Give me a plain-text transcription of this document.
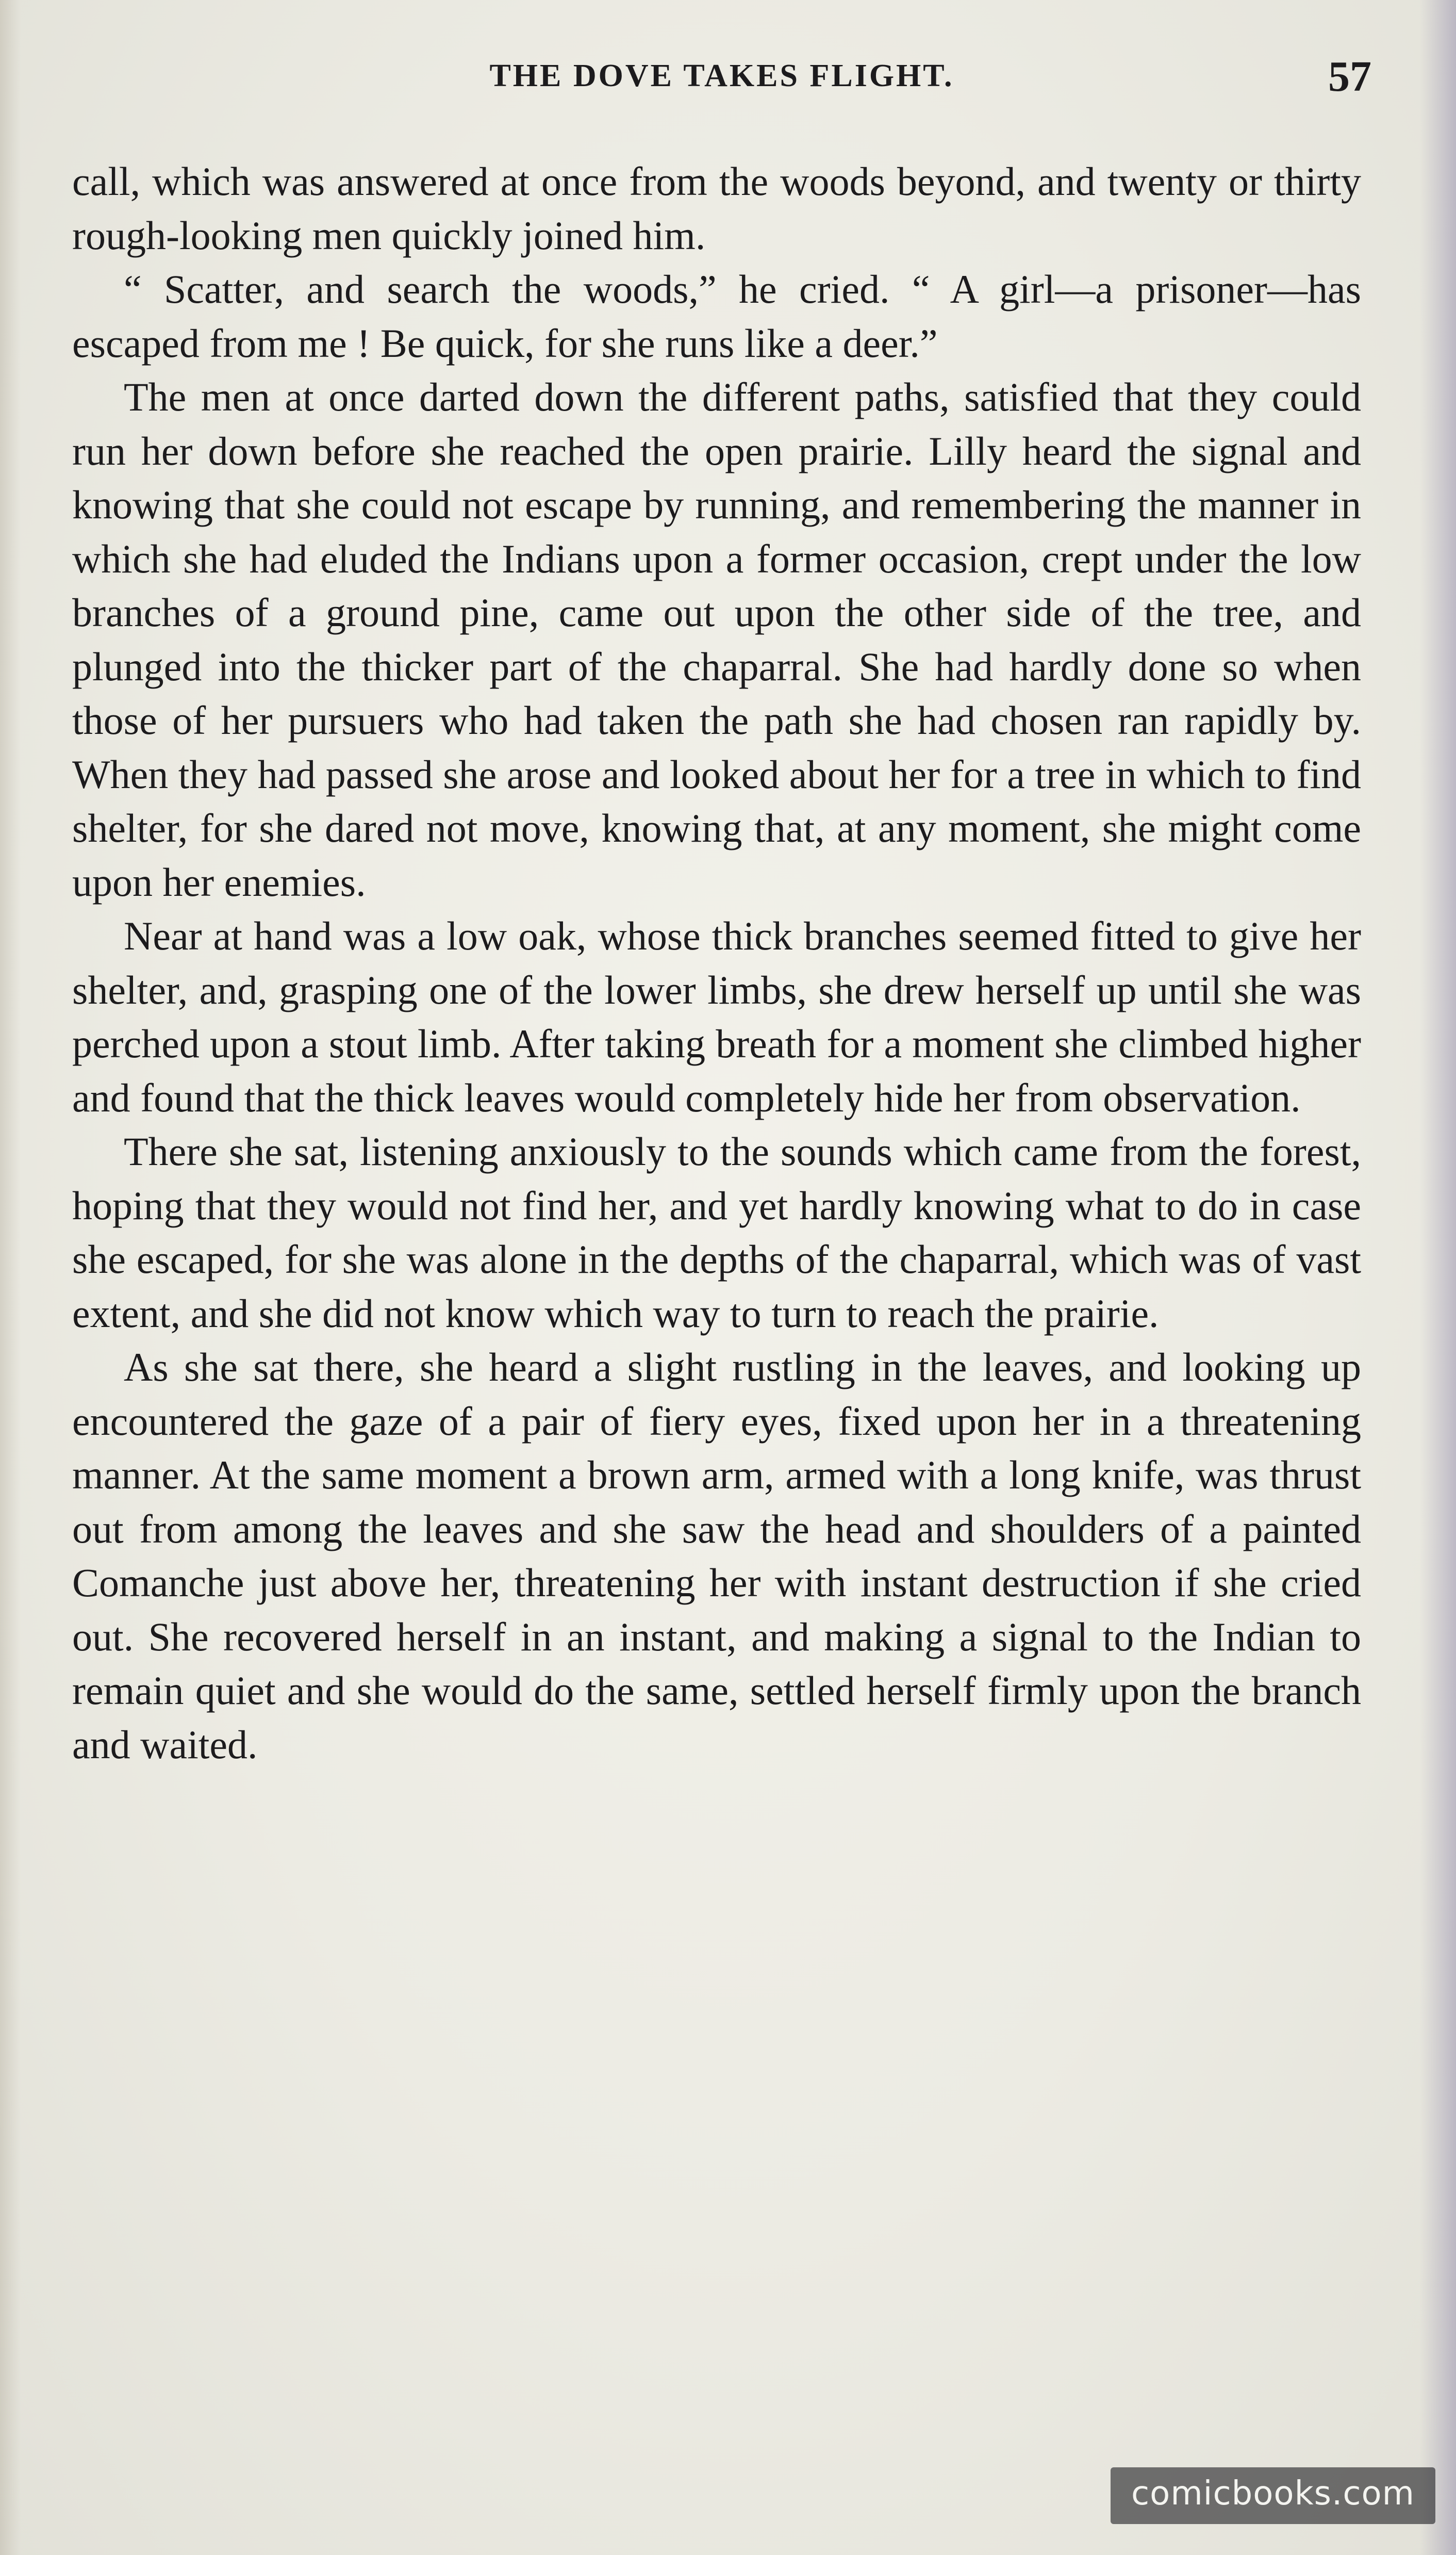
THE DOVE TAKES FLIGHT.	57

call, which was answered at once from the woods beyond, and twenty or thirty rough-looking men quickly joined him.

“ Scatter, and search the woods,” he cried. “ A girl—a prisoner—has escaped from me ! Be quick, for she runs like a deer.”

The men at once darted down the different paths, satisfied that they could run her down before she reached the open prairie. Lilly heard the signal and knowing that she could not escape by running, and remembering the manner in which she had eluded the Indians upon a former occasion, crept under the low branches of a ground pine, came out upon the other side of the tree, and plunged into the thicker part of the chaparral. She had hardly done so when those of her pursuers who had taken the path she had chosen ran rapidly by. When they had passed she arose and looked about her for a tree in which to find shelter, for she dared not move, knowing that, at any moment, she might come upon her enemies.

Near at hand was a low oak, whose thick branches seemed fitted to give her shelter, and, grasping one of the lower limbs, she drew herself up until she was perched upon a stout limb. After taking breath for a moment she climbed higher and found that the thick leaves would completely hide her from observation.

There she sat, listening anxiously to the sounds which came from the forest, hoping that they would not find her, and yet hardly knowing what to do in case she escaped, for she was alone in the depths of the chaparral, which was of vast extent, and she did not know which way to turn to reach the prairie.

As she sat there, she heard a slight rustling in the leaves, and looking up encountered the gaze of a pair of fiery eyes, fixed upon her in a threatening manner. At the same moment a brown arm, armed with a long knife, was thrust out from among the leaves and she saw the head and shoulders of a painted Comanche just above her, threatening her with instant destruction if she cried out. She recovered herself in an instant, and making a signal to the Indian to remain quiet and she would do the same, settled herself firmly upon the branch and waited.

comicbooks.com
